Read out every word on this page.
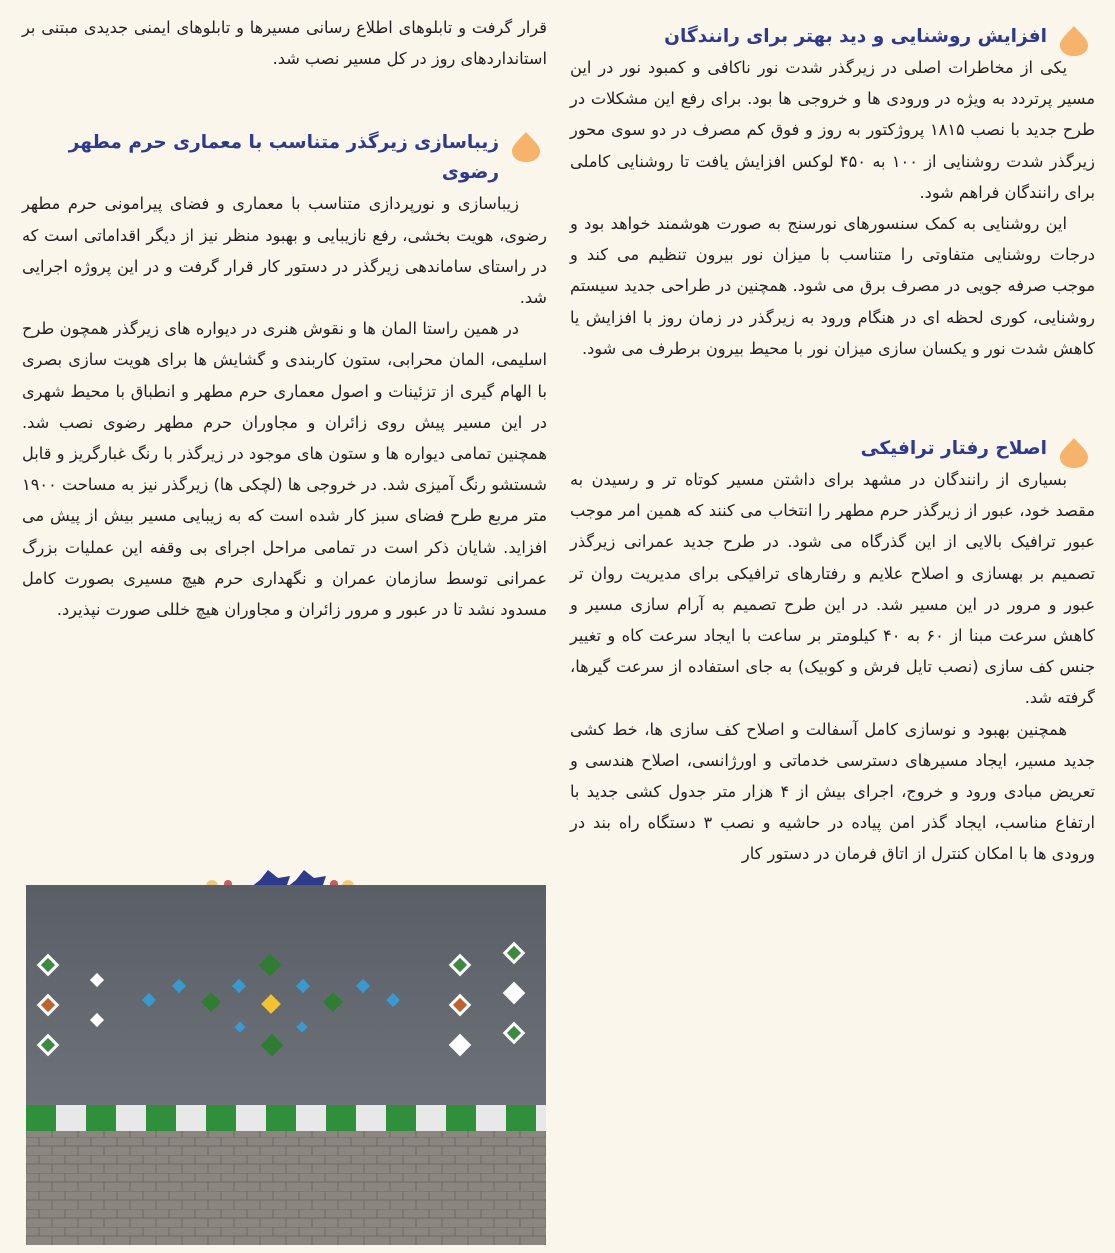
افزایش روشنایی و دید بهتر برای رانندگان

یکی از مخاطرات اصلی در زیرگذر شدت نور ناکافی و کمبود نور در این مسیر پرتردد به ویژه در ورودی ها و خروجی ها بود. برای رفع این مشکلات در طرح جدید با نصب ۱۸۱۵ پروژکتور به روز و فوق کم مصرف در دو سوی محور زیرگذر شدت روشنایی از ۱۰۰ به ۴۵۰ لوکس افزایش یافت تا روشنایی کاملی برای رانندگان فراهم شود.

این روشنایی به کمک سنسورهای نورسنج به صورت هوشمند خواهد بود و درجات روشنایی متفاوتی را متناسب با میزان نور بیرون تنظیم می کند و موجب صرفه جویی در مصرف برق می شود. همچنین در طراحی جدید سیستم روشنایی، کوری لحظه ای در هنگام ورود به زیرگذر در زمان روز با افزایش یا کاهش شدت نور و یکسان سازی میزان نور با محیط بیرون برطرف می شود.

اصلاح رفتار ترافیکی

بسیاری از رانندگان در مشهد برای داشتن مسیر کوتاه تر و رسیدن به مقصد خود، عبور از زیرگذر حرم مطهر را انتخاب می کنند که همین امر موجب عبور ترافیک بالایی از این گذرگاه می شود. در طرح جدید عمرانی زیرگذر تصمیم بر بهسازی و اصلاح علایم و رفتارهای ترافیکی برای مدیریت روان تر عبور و مرور در این مسیر شد. در این طرح تصمیم به آرام سازی مسیر و کاهش سرعت مبنا از ۶۰ به ۴۰ کیلومتر بر ساعت با ایجاد سرعت کاه و تغییر جنس کف سازی (نصب تایل فرش و کوبیک) به جای استفاده از سرعت گیرها، گرفته شد.

همچنین بهبود و نوسازی کامل آسفالت و اصلاح کف سازی ها، خط کشی جدید مسیر، ایجاد مسیرهای دسترسی خدماتی و اورژانسی، اصلاح هندسی و تعریض مبادی ورود و خروج، اجرای بیش از ۴ هزار متر جدول کشی جدید با ارتفاع مناسب، ایجاد گذر امن پیاده در حاشیه و نصب ۳ دستگاه راه بند در ورودی ها با امکان کنترل از اتاق فرمان در دستور کار

قرار گرفت و تابلوهای اطلاع رسانی مسیرها و تابلوهای ایمنی جدیدی مبتنی بر استانداردهای روز در کل مسیر نصب شد.

زیباسازی زیرگذر متناسب با معماری حرم مطهر رضوی

زیباسازی و نورپردازی متناسب با معماری و فضای پیرامونی حرم مطهر رضوی، هویت بخشی، رفع نازیبایی و بهبود منظر نیز از دیگر اقداماتی است که در راستای ساماندهی زیرگذر در دستور کار قرار گرفت و در این پروژه اجرایی شد.

در همین راستا المان ها و نقوش هنری در دیواره های زیرگذر همچون طرح اسلیمی، المان محرابی، ستون کاربندی و گشایش ها برای هویت سازی بصری با الهام گیری از تزئینات و اصول معماری حرم مطهر و انطباق با محیط شهری در این مسیر پیش روی زائران و مجاوران حرم مطهر رضوی نصب شد. همچنین تمامی دیواره ها و ستون های موجود در زیرگذر با رنگ غبارگریز و قابل شستشو رنگ آمیزی شد. در خروجی ها (لچکی ها) زیرگذر نیز به مساحت ۱۹۰۰ متر مربع طرح فضای سبز کار شده است که به زیبایی مسیر بیش از پیش می افزاید. شایان ذکر است در تمامی مراحل اجرای بی وقفه این عملیات بزرگ عمرانی توسط سازمان عمران و نگهداری حرم هیچ مسیری بصورت کامل مسدود نشد تا در عبور و مرور زائران و مجاوران هیچ خللی صورت نپذیرد.
